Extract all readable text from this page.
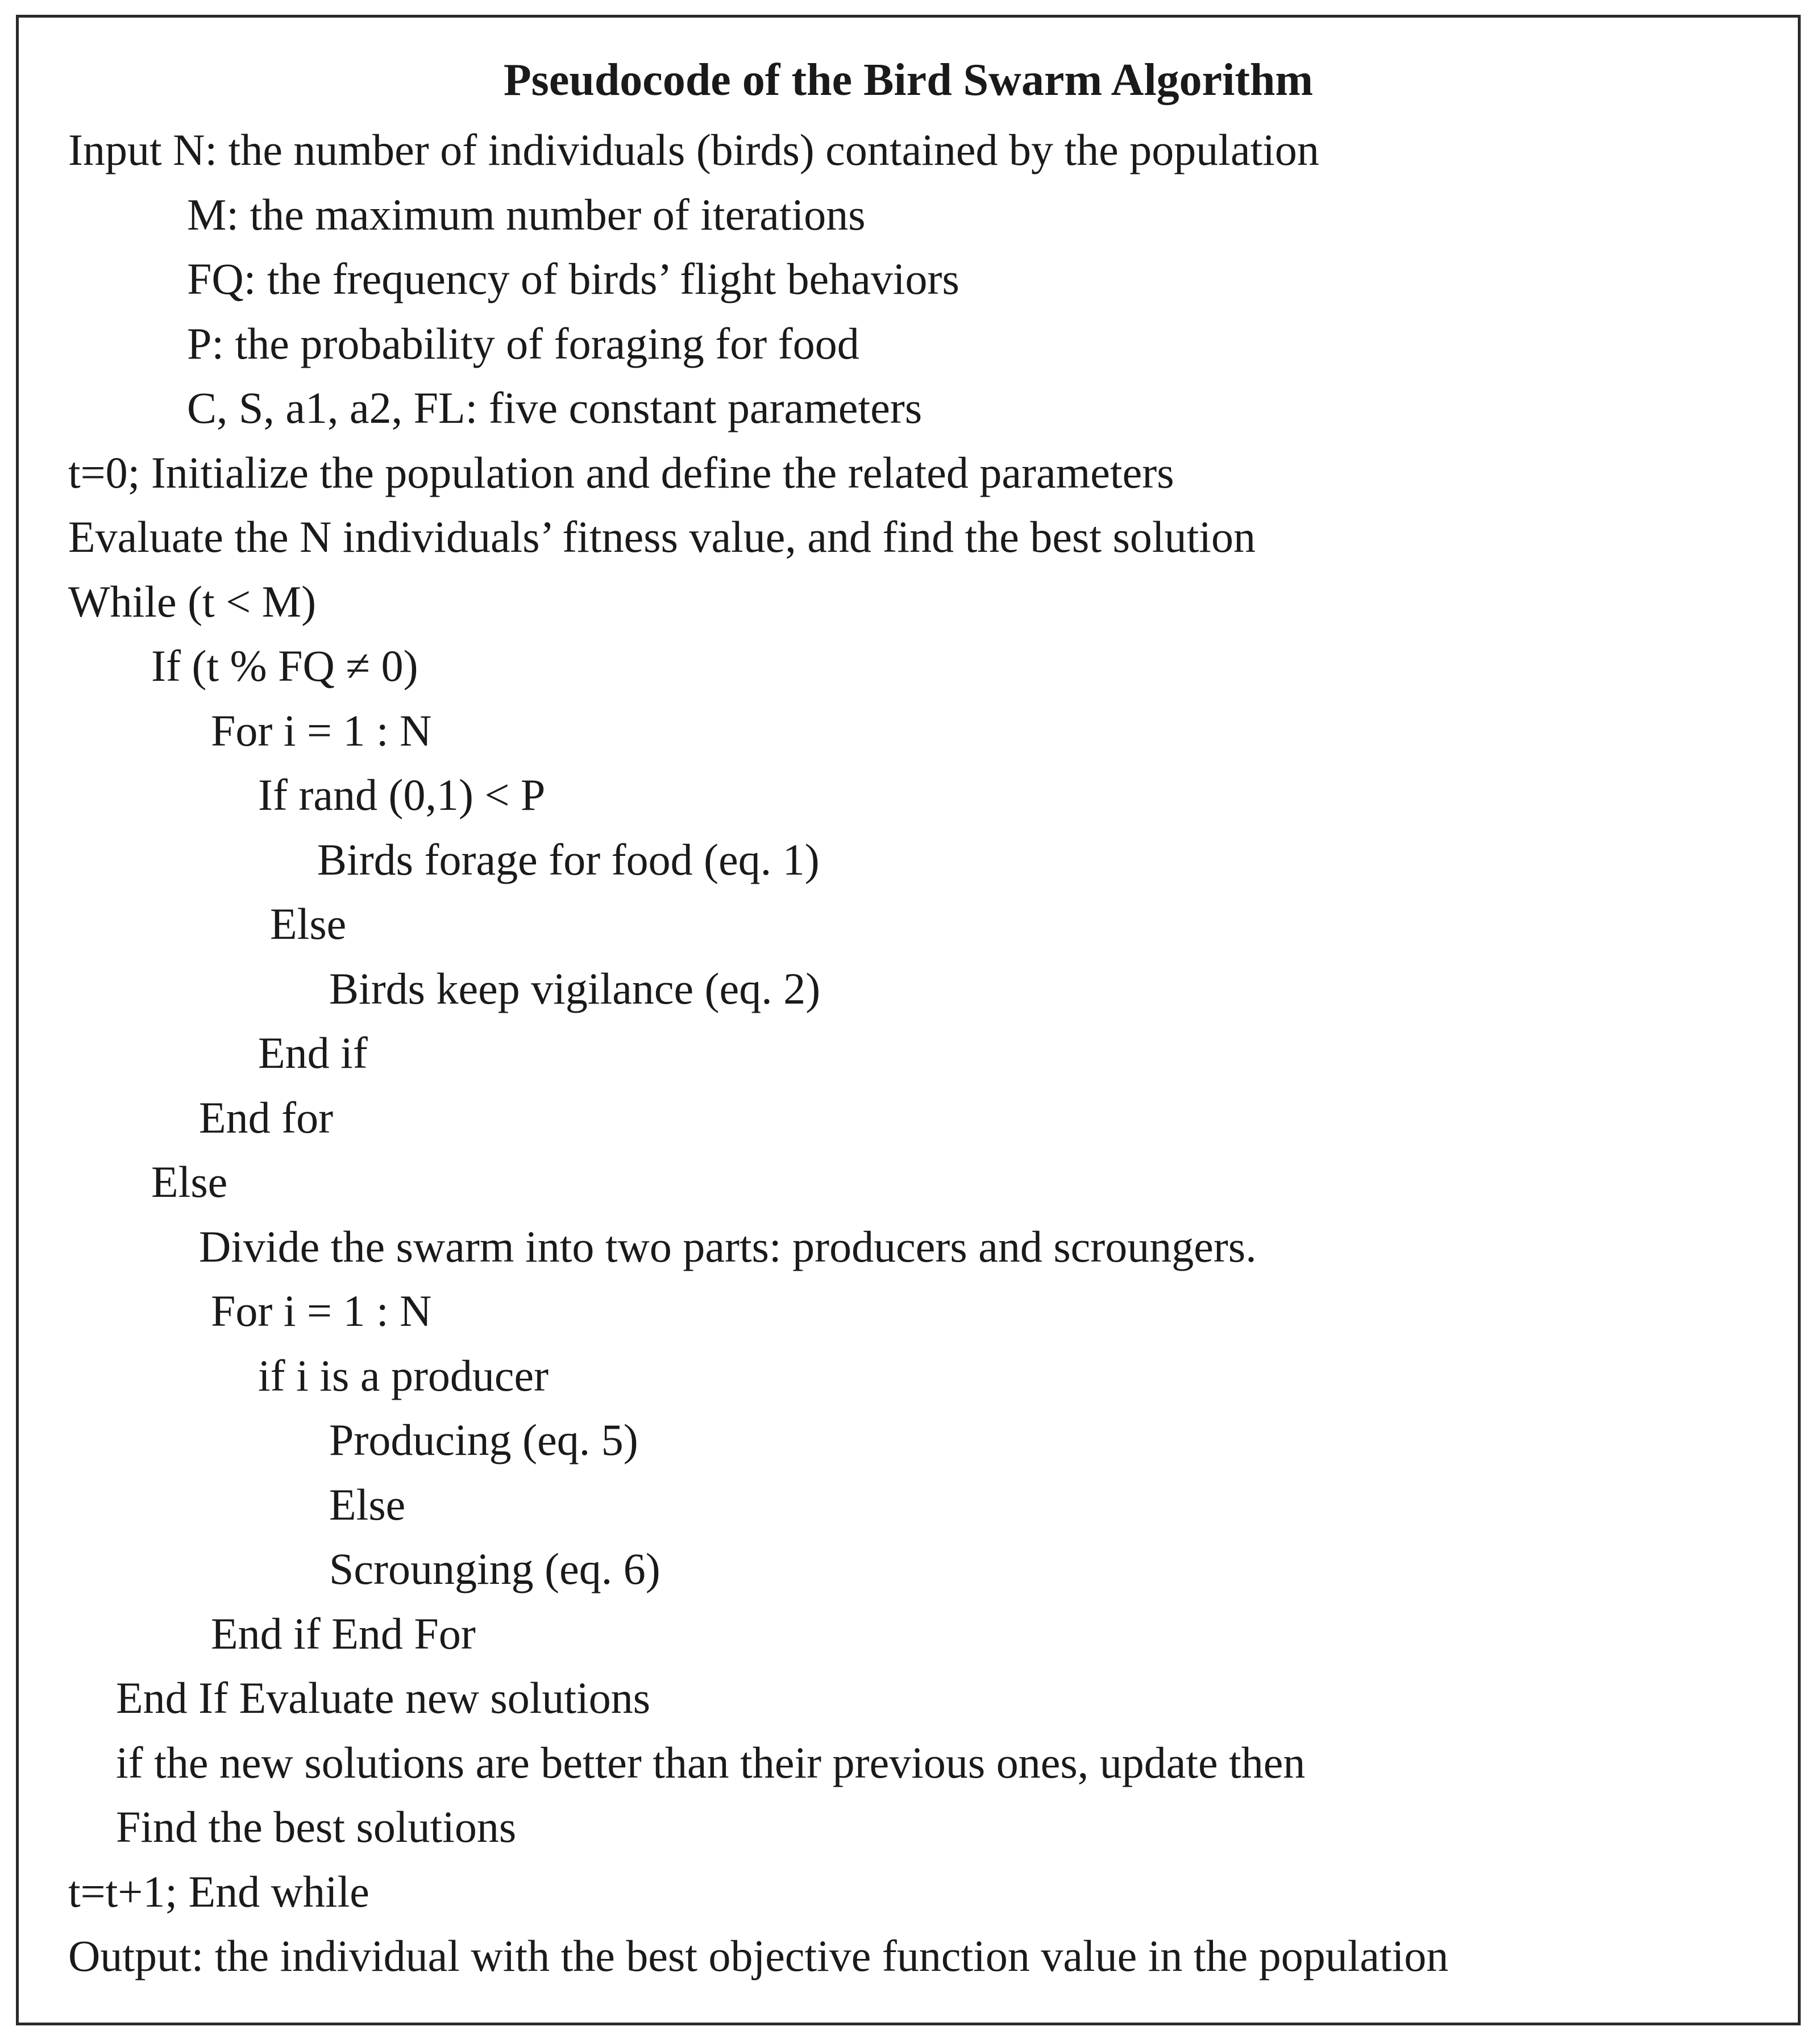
Pseudocode of the Bird Swarm Algorithm
Input N: the number of individuals (birds) contained by the population
M: the maximum number of iterations
FQ: the frequency of birds’ flight behaviors
P: the probability of foraging for food
C, S, a1, a2, FL: five constant parameters
t=0; Initialize the population and define the related parameters
Evaluate the N individuals’ fitness value, and find the best solution
While (t < M)
If (t % FQ ≠ 0)
For i = 1 : N
If rand (0,1) < P
Birds forage for food (eq. 1)
Else
Birds keep vigilance (eq. 2)
End if
End for
Else
Divide the swarm into two parts: producers and scroungers.
For i = 1 : N
if i is a producer
Producing (eq. 5)
Else
Scrounging (eq. 6)
End if End For
End If Evaluate new solutions
if the new solutions are better than their previous ones, update then
Find the best solutions
t=t+1; End while
Output: the individual with the best objective function value in the population
